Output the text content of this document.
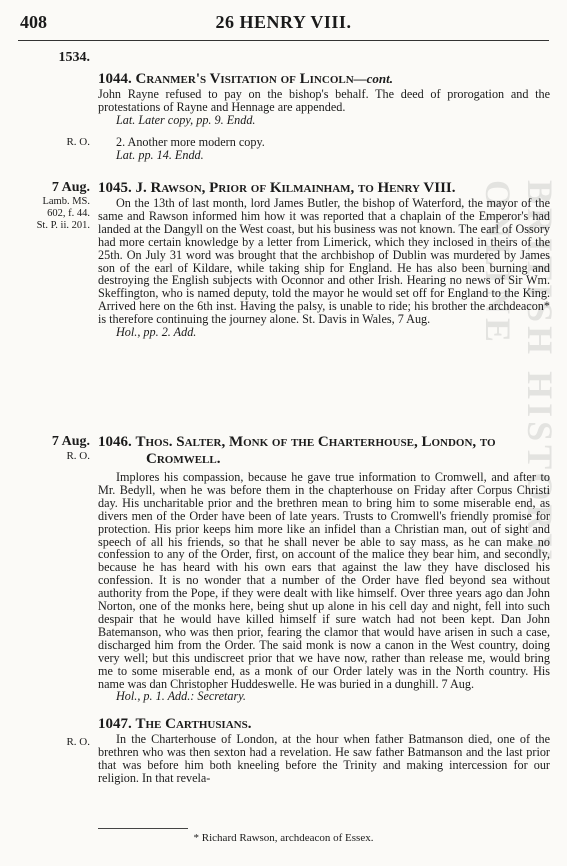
408	26 HENRY VIII.
BRITISH HISTORY ONLINE
1534.
1044. Cranmer's Visitation of Lincoln—cont.

John Rayne refused to pay on the bishop's behalf. The deed of prorogation and the protestations of Rayne and Hennage are appended.

Lat. Later copy, pp. 9. Endd.

R. O.	2. Another more modern copy.

Lat. pp. 14. Endd.

7 Aug.
Lamb. MS.
602, f. 44.
St. P. ii. 201.
1045. J. Rawson, Prior of Kilmainham, to Henry VIII.

On the 13th of last month, lord James Butler, the bishop of Waterford, the mayor of the same and Rawson informed him how it was reported that a chaplain of the Emperor's had landed at the Dangyll on the West coast, but his business was not known. The earl of Ossory had more certain knowledge by a letter from Limerick, which they inclosed in theirs of the 25th. On July 31 word was brought that the archbishop of Dublin was murdered by James son of the earl of Kildare, while taking ship for England. He has also been burning and destroying the English subjects with Oconnor and other Irish. Hearing no news of Sir Wm. Skeffington, who is named deputy, told the mayor he would set off for England to the King. Arrived here on the 6th inst. Having the palsy, is unable to ride; his brother the archdeacon* is therefore continuing the journey alone. St. Davis in Wales, 7 Aug.

Hol., pp. 2. Add.

7 Aug.
R. O.
1046. Thos. Salter, Monk of the Charterhouse, London, to
Cromwell.

Implores his compassion, because he gave true information to Cromwell, and after to Mr. Bedyll, when he was before them in the chapterhouse on Friday after Corpus Christi day. His uncharitable prior and the brethren mean to bring him to some miserable end, as divers men of the Order have been of late years. Trusts to Cromwell's friendly promise for protection. His prior keeps him more like an infidel than a Christian man, out of sight and speech of all his friends, so that he shall never be able to say mass, as he can make no confession to any of the Order, first, on account of the malice they bear him, and secondly, because he has heard with his own ears that against the law they have disclosed his confession. It is no wonder that a number of the Order have fled beyond sea without authority from the Pope, if they were dealt with like himself. Over three years ago dan John Norton, one of the monks here, being shut up alone in his cell day and night, fell into such despair that he would have killed himself if sure watch had not been kept. Dan John Batemanson, who was then prior, fearing the clamor that would have arisen in such a case, discharged him from the Order. The said monk is now a canon in the West country, doing very well; but this undiscreet prior that we have now, rather than release me, would bring me to some miserable end, as a monk of our Order lately was in the North country. His name was dan Christopher Huddeswelle. He was buried in a dunghill. 7 Aug.

Hol., p. 1. Add.: Secretary.

R. O.
1047. The Carthusians.

In the Charterhouse of London, at the hour when father Batmanson died, one of the brethren who was then sexton had a revelation. He saw father Batmanson and the last prior that was before him both kneeling before the Trinity and making intercession for our religion. In that revela-

* Richard Rawson, archdeacon of Essex.
